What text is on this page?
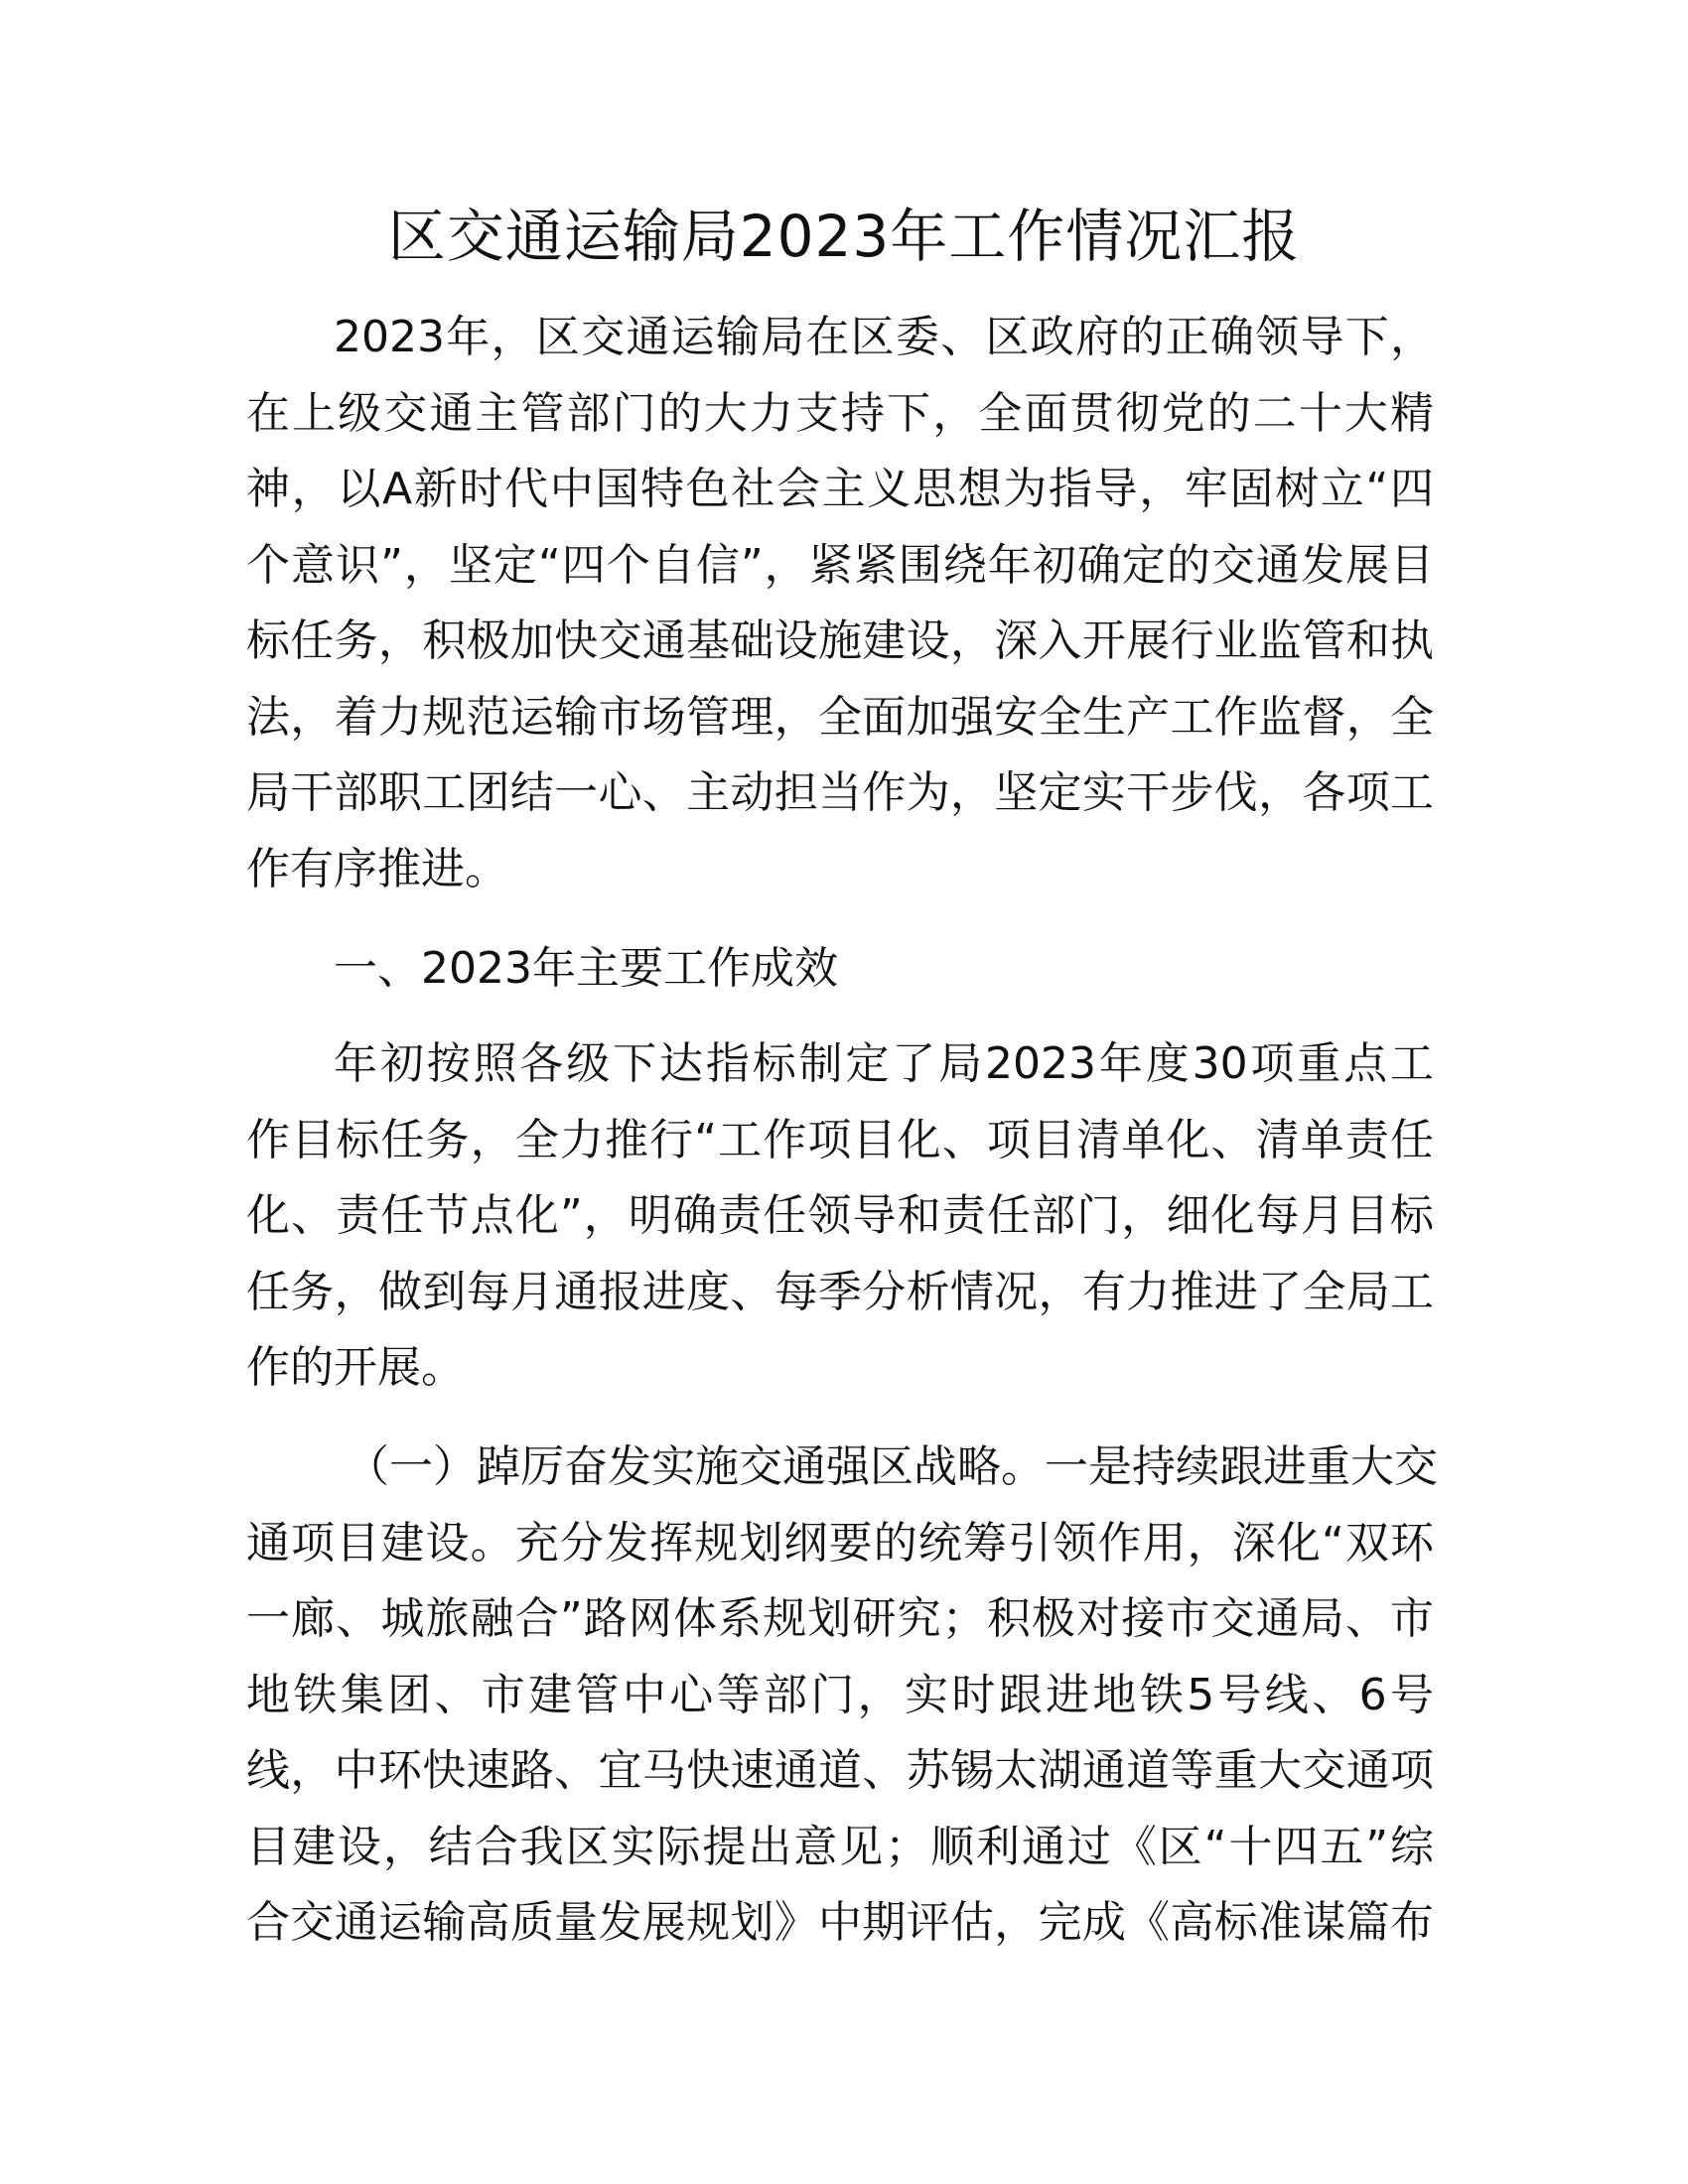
区交通运输局2023年工作情况汇报
2023年，区交通运输局在区委、区政府的正确领导下，
在上级交通主管部门的大力支持下，全面贯彻党的二十大精
神，以A新时代中国特色社会主义思想为指导，牢固树立“四
个意识”，坚定“四个自信”，紧紧围绕年初确定的交通发展目
标任务，积极加快交通基础设施建设，深入开展行业监管和执
法，着力规范运输市场管理，全面加强安全生产工作监督，全
局干部职工团结一心、主动担当作为，坚定实干步伐，各项工
作有序推进。
一、2023年主要工作成效
年初按照各级下达指标制定了局2023年度30项重点工
作目标任务，全力推行“工作项目化、项目清单化、清单责任
化、责任节点化”，明确责任领导和责任部门，细化每月目标
任务，做到每月通报进度、每季分析情况，有力推进了全局工
作的开展。
（一）踔厉奋发实施交通强区战略。一是持续跟进重大交
通项目建设。充分发挥规划纲要的统筹引领作用，深化“双环
一廊、城旅融合”路网体系规划研究；积极对接市交通局、市
地铁集团、市建管中心等部门，实时跟进地铁5号线、6号
线，中环快速路、宜马快速通道、苏锡太湖通道等重大交通项
目建设，结合我区实际提出意见；顺利通过《区“十四五”综
合交通运输高质量发展规划》中期评估，完成《高标准谋篇布
